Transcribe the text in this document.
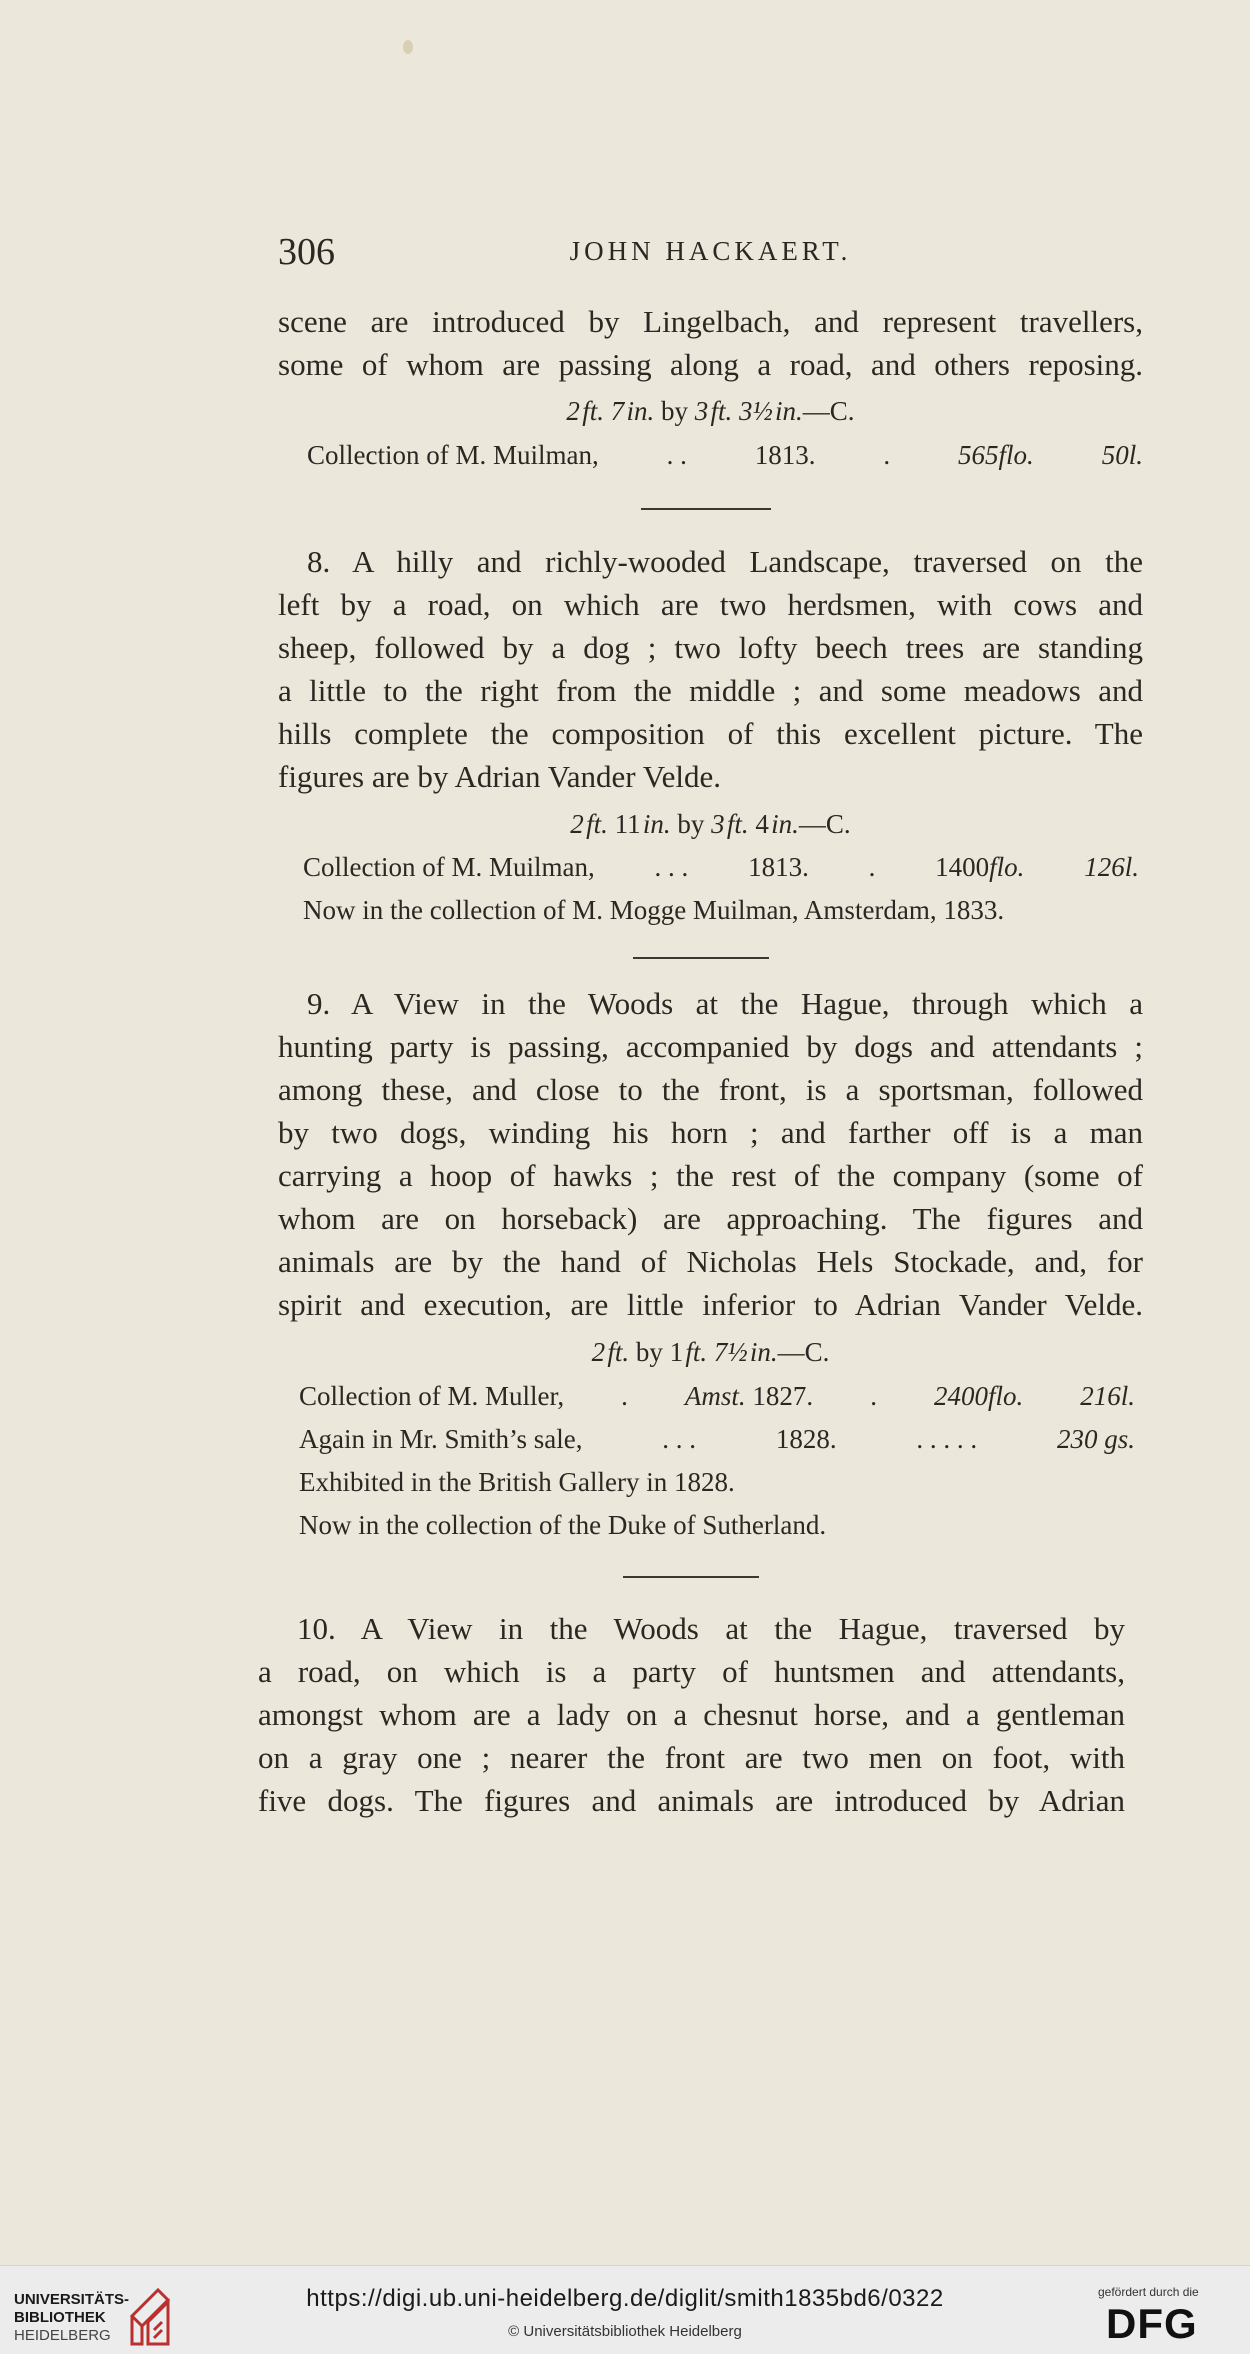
306	JOHN HACKAERT.
scene are introduced by Lingelbach, and represent travellers,
some of whom are passing along a road, and others reposing.
2 ft. 7 in. by 3 ft. 3½ in.—C.
Collection of M. Muilman,	. .	1813.	.	565flo.	50l.
8. A hilly and richly-wooded Landscape, traversed on the
left by a road, on which are two herdsmen, with cows and
sheep, followed by a dog ; two lofty beech trees are standing
a little to the right from the middle ; and some meadows and
hills complete the composition of this excellent picture. The
figures are by Adrian Vander Velde.
2 ft. 11 in. by 3 ft. 4 in.—C.
Collection of M. Muilman, . . . 1813. . 1400flo. 126l.
Now in the collection of M. Mogge Muilman, Amsterdam, 1833.
9. A View in the Woods at the Hague, through which a
hunting party is passing, accompanied by dogs and attendants ;
among these, and close to the front, is a sportsman, followed
by two dogs, winding his horn ; and farther off is a man
carrying a hoop of hawks ; the rest of the company (some of
whom are on horseback) are approaching. The figures and
animals are by the hand of Nicholas Hels Stockade, and, for
spirit and execution, are little inferior to Adrian Vander Velde.
2 ft. by 1 ft. 7½ in.—C.
Collection of M. Muller, . Amst. 1827. . 2400flo. 216l.
Again in Mr. Smith’s sale,	. . .	1828.	. . . . .	230 gs.
Exhibited in the British Gallery in 1828.
Now in the collection of the Duke of Sutherland.
10. A View in the Woods at the Hague, traversed by
a road, on which is a party of huntsmen and attendants,
amongst whom are a lady on a chesnut horse, and a gentleman
on a gray one ; nearer the front are two men on foot, with
five dogs. The figures and animals are introduced by Adrian
UNIVERSITÄTS-
BIBLIOTHEK
HEIDELBERG
https://digi.ub.uni-heidelberg.de/diglit/smith1835bd6/0322
© Universitätsbibliothek Heidelberg
gefördert durch die
DFG
